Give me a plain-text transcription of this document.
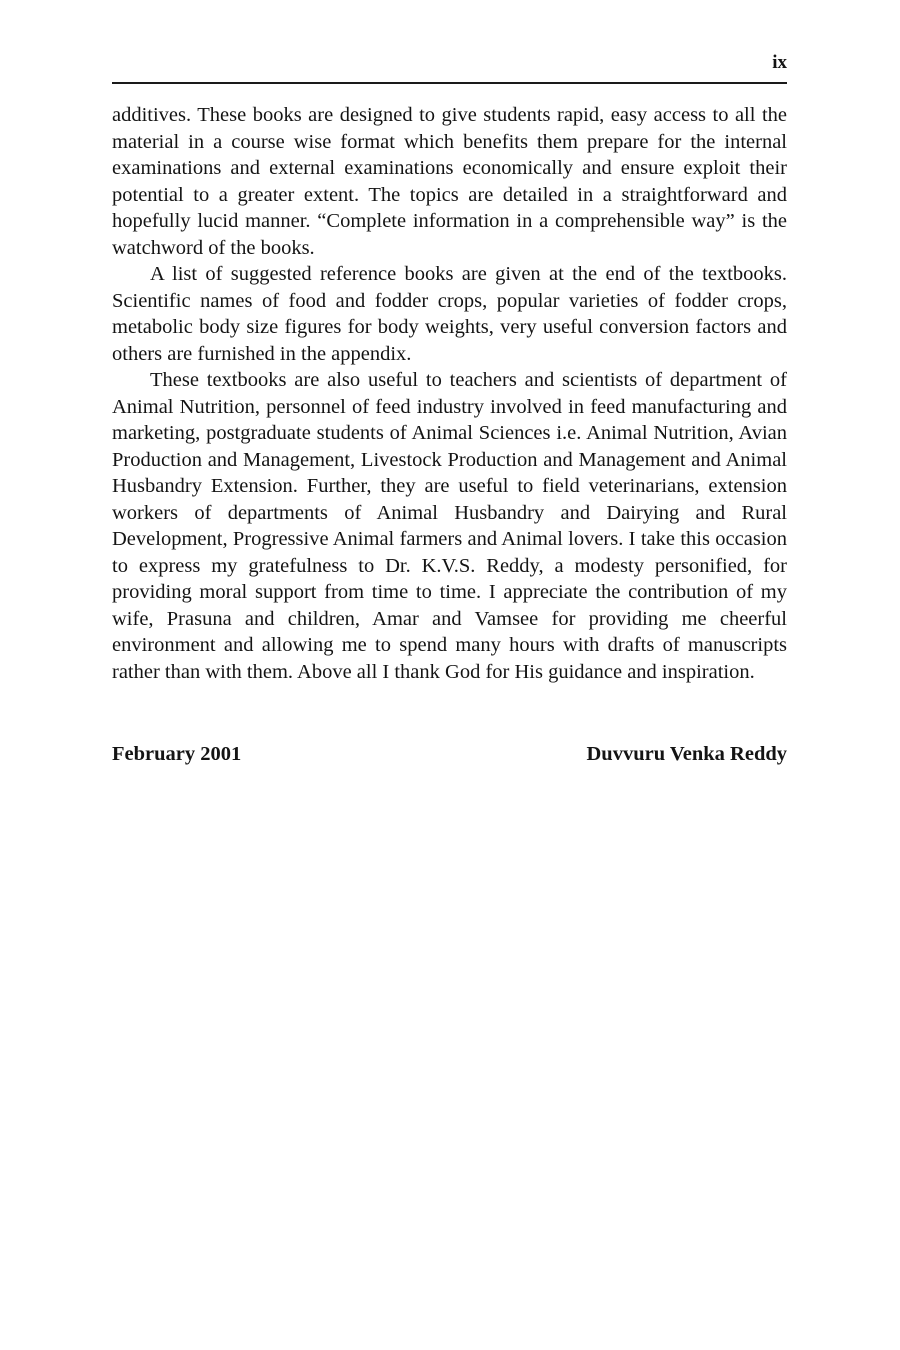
ix

additives. These books are designed to give students rapid, easy access to all the material in a course wise format which benefits them prepare for the internal examinations and external examinations economically and ensure exploit their potential to a greater extent. The topics are detailed in a straightforward and hopefully lucid manner. “Complete information in a comprehensible way” is the watchword of the books.

A list of suggested reference books are given at the end of the textbooks. Scientific names of food and fodder crops, popular varieties of fodder crops, metabolic body size figures for body weights, very useful conversion factors and others are furnished in the appendix.

These textbooks are also useful to teachers and scientists of department of Animal Nutrition, personnel of feed industry involved in feed manufacturing and marketing, postgraduate students of Animal Sciences i.e. Animal Nutrition, Avian Production and Management, Livestock Production and Management and Animal Husbandry Extension. Further, they are useful to field veterinarians, extension workers of departments of Animal Husbandry and Dairying and Rural Development, Progressive Animal farmers and Animal lovers. I take this occasion to express my gratefulness to Dr. K.V.S. Reddy, a modesty personified, for providing moral support from time to time. I appreciate the contribution of my wife, Prasuna and children, Amar and Vamsee for providing me cheerful environment and allowing me to spend many hours with drafts of manuscripts rather than with them. Above all I thank God for His guidance and inspiration.

February 2001	Duvvuru Venka Reddy
